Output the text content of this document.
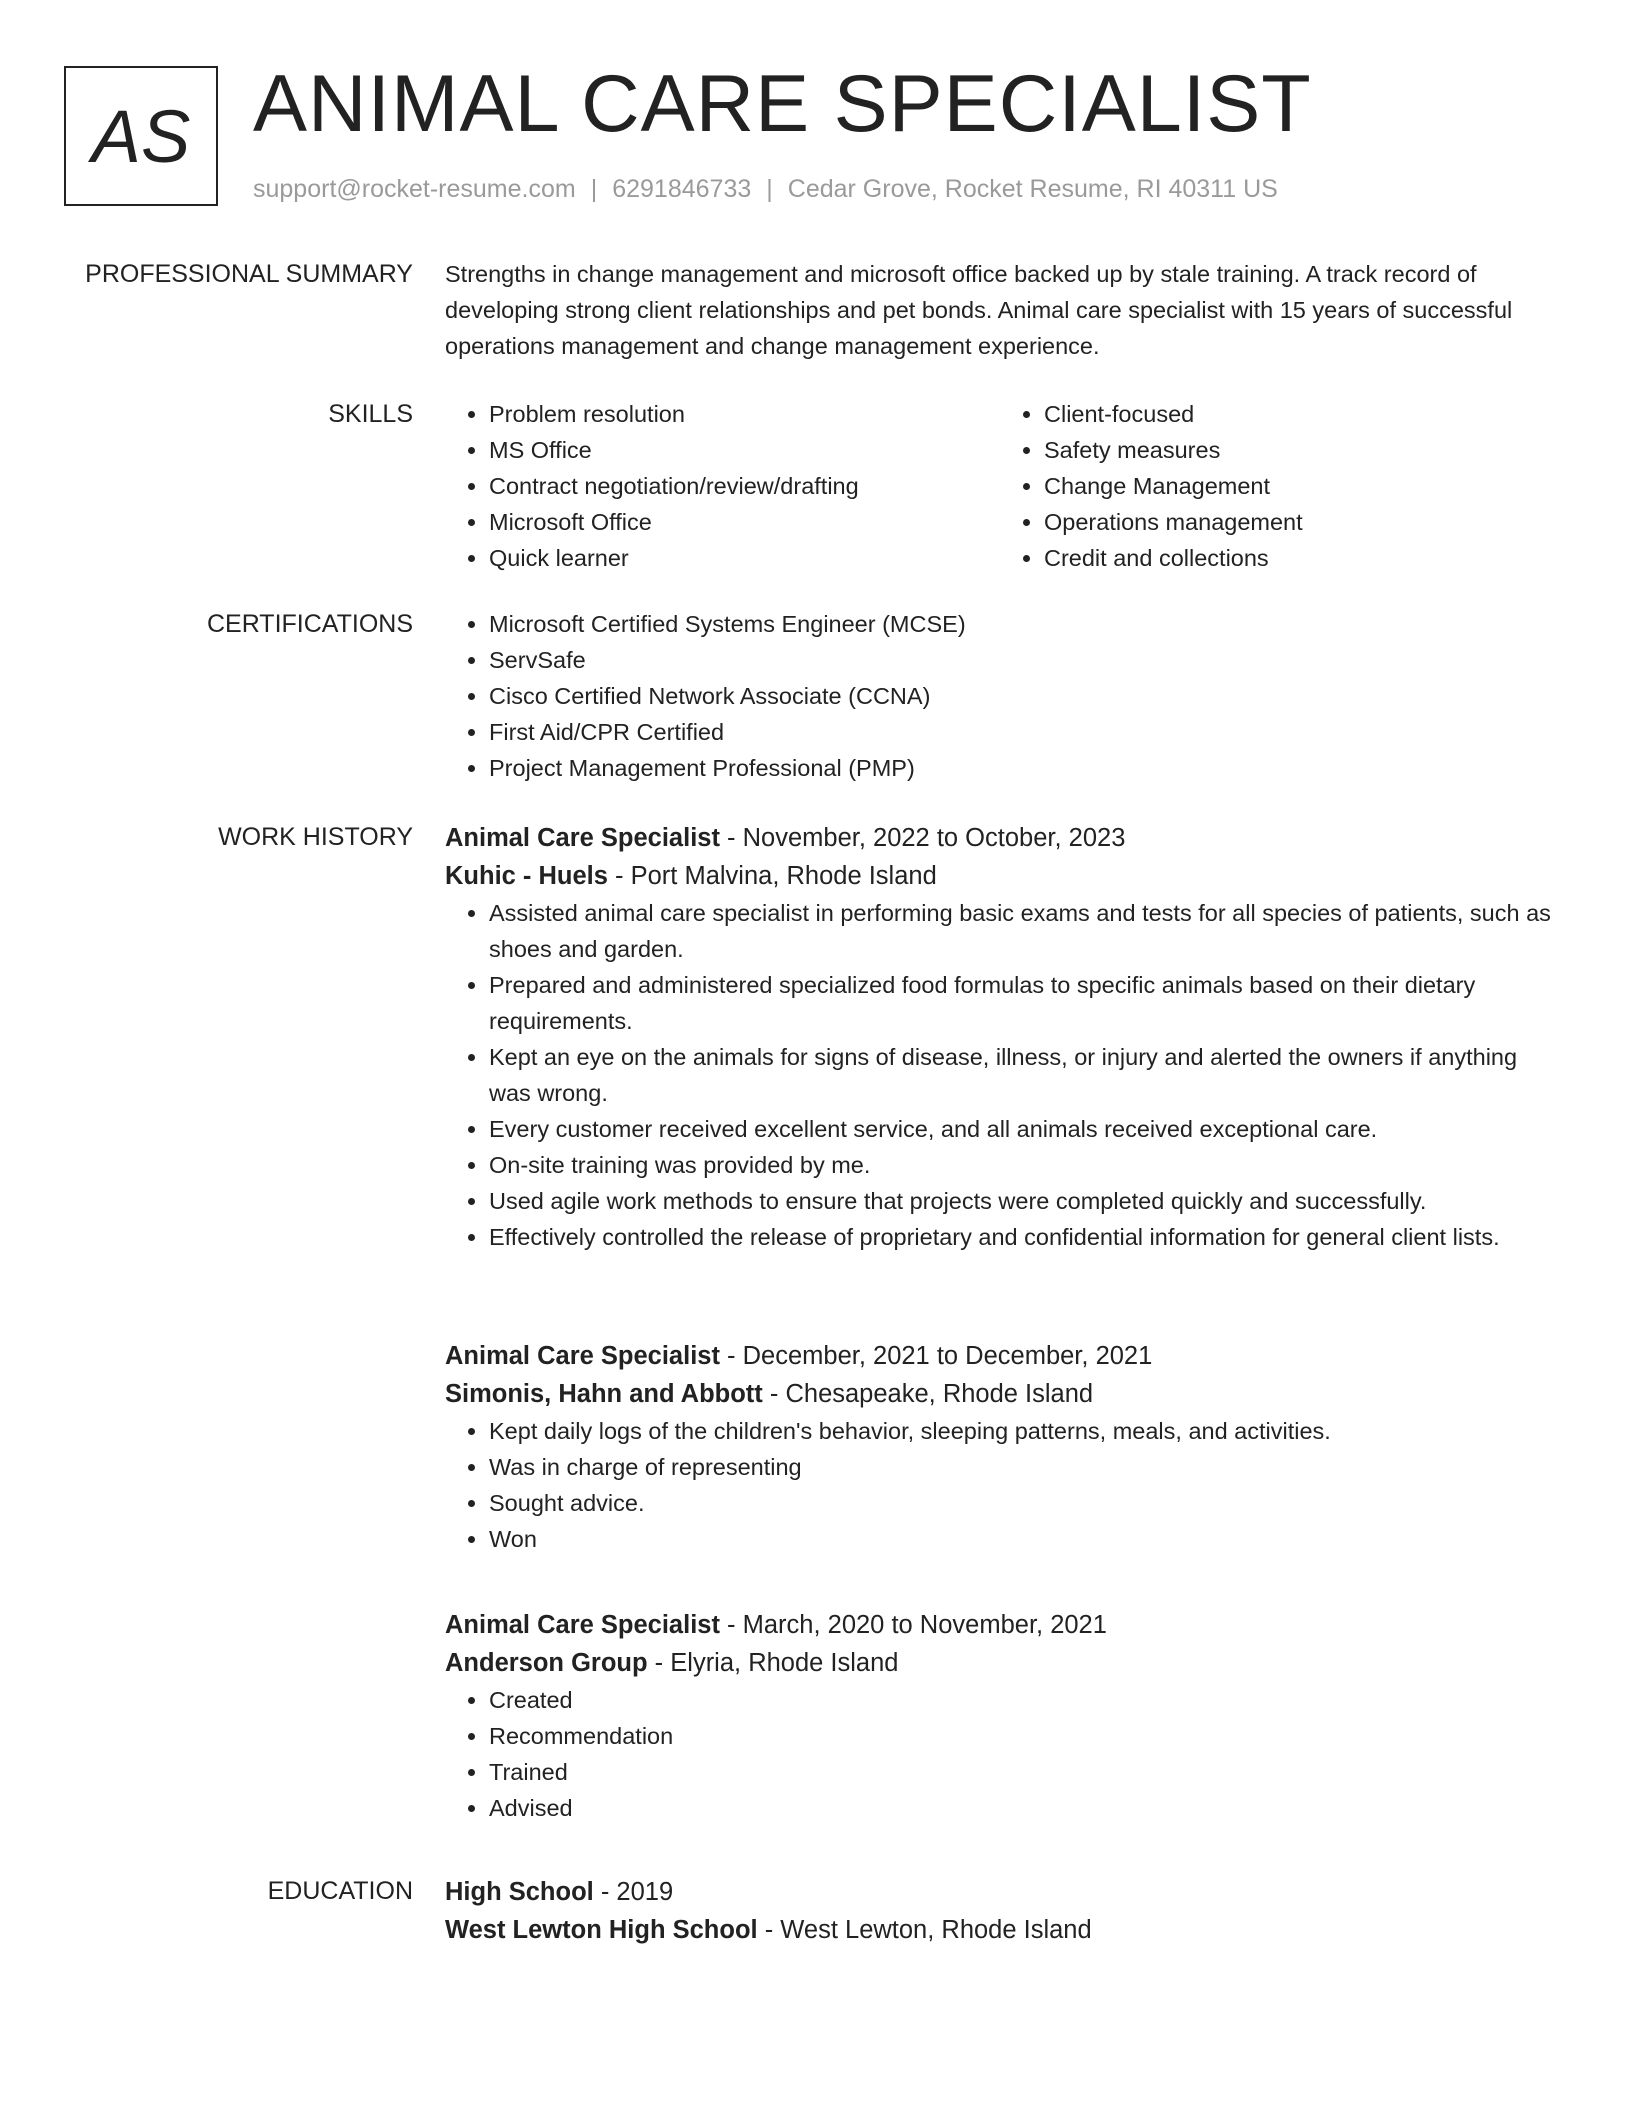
AS ANIMAL CARE SPECIALIST
support@rocket-resume.com | 6291846733 | Cedar Grove, Rocket Resume, RI 40311 US
PROFESSIONAL SUMMARY Strengths in change management and microsoft office backed up by stale training. A track record of developing strong client relationships and pet bonds. Animal care specialist with 15 years of successful operations management and change management experience.

SKILLS	• Problem resolution
• MS Office
• Contract negotiation/review/drafting
• Microsoft Office
• Quick learner
• Client-focused
• Safety measures
• Change Management
• Operations management
• Credit and collections
CERTIFICATIONS	• Microsoft Certified Systems Engineer (MCSE)
• ServSafe
• Cisco Certified Network Associate (CCNA)
• First Aid/CPR Certified
• Project Management Professional (PMP)
WORK HISTORY Animal Care Specialist - November, 2022 to October, 2023
Kuhic - Huels - Port Malvina, Rhode Island
• Assisted animal care specialist in performing basic exams and tests for all species of patients, such as shoes and garden.
• Prepared and administered specialized food formulas to specific animals based on their dietary requirements.
• Kept an eye on the animals for signs of disease, illness, or injury and alerted the owners if anything was wrong.
• Every customer received excellent service, and all animals received exceptional care.
• On-site training was provided by me.
• Used agile work methods to ensure that projects were completed quickly and successfully.
• Effectively controlled the release of proprietary and confidential information for general client lists.
Animal Care Specialist - December, 2021 to December, 2021
Simonis, Hahn and Abbott - Chesapeake, Rhode Island
• Kept daily logs of the children's behavior, sleeping patterns, meals, and activities.
• Was in charge of representing
• Sought advice.
• Won
Animal Care Specialist - March, 2020 to November, 2021
Anderson Group - Elyria, Rhode Island
• Created
• Recommendation
• Trained
• Advised
EDUCATION High School - 2019
West Lewton High School - West Lewton, Rhode Island
